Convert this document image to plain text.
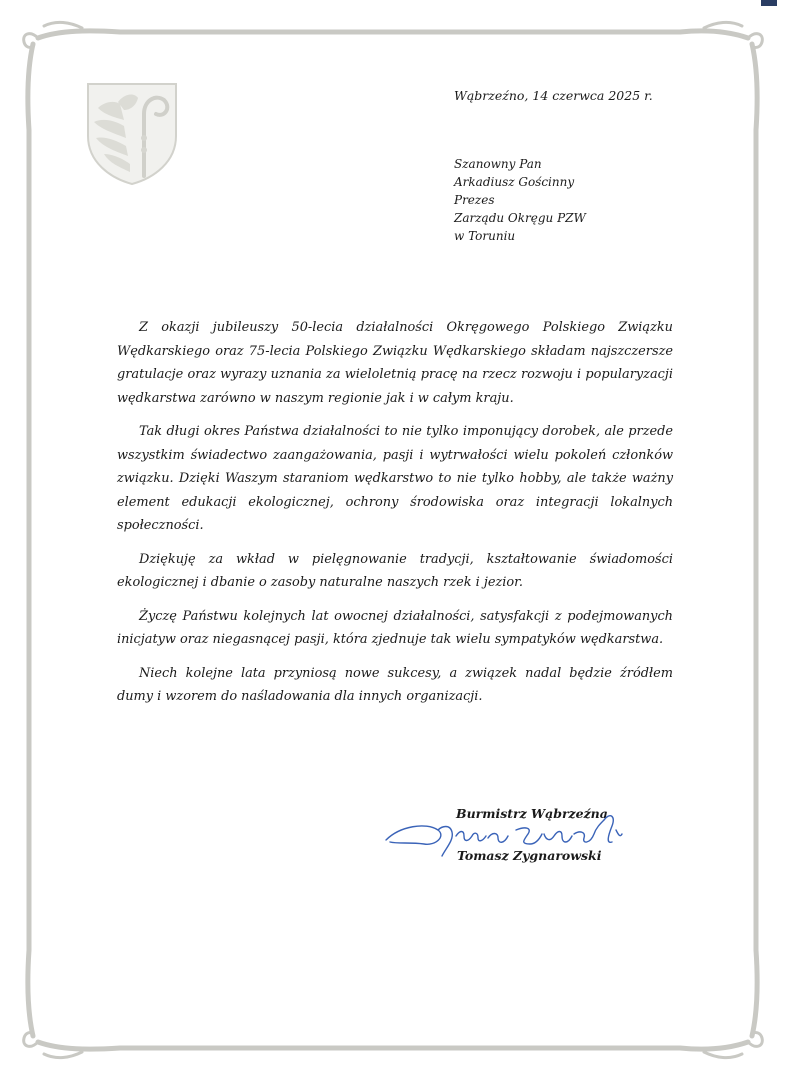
Wąbrzeźno, 14 czerwca 2025 r.
Szanowny Pan
Arkadiusz Gościnny
Prezes
Zarządu Okręgu PZW
w Toruniu

Z okazji jubileuszy 50-lecia działalności Okręgowego Polskiego Związku Wędkarskiego oraz 75-lecia Polskiego Związku Wędkarskiego składam najszczersze gratulacje oraz wyrazy uznania za wieloletnią pracę na rzecz rozwoju i popularyzacji wędkarstwa zarówno w naszym regionie jak i w całym kraju.

Tak długi okres Państwa działalności to nie tylko imponujący dorobek, ale przede wszystkim świadectwo zaangażowania, pasji i wytrwałości wielu pokoleń członków związku. Dzięki Waszym staraniom wędkarstwo to nie tylko hobby, ale także ważny element edukacji ekologicznej, ochrony środowiska oraz integracji lokalnych społeczności.

Dziękuję za wkład w pielęgnowanie tradycji, kształtowanie świadomości ekologicznej i dbanie o zasoby naturalne naszych rzek i jezior.

Życzę Państwu kolejnych lat owocnej działalności, satysfakcji z podejmowanych inicjatyw oraz niegasnącej pasji, która zjednuje tak wielu sympatyków wędkarstwa.

Niech kolejne lata przyniosą nowe sukcesy, a związek nadal będzie źródłem dumy i wzorem do naśladowania dla innych organizacji.

Burmistrz Wąbrzeźna
Tomasz Zygnarowski
